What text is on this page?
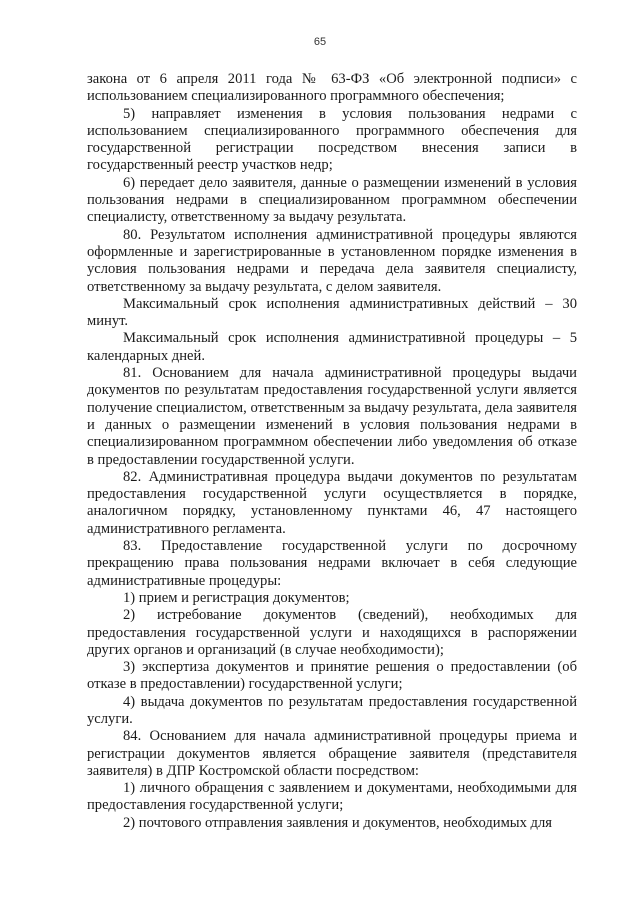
65

закона от 6 апреля 2011 года № 63-ФЗ «Об электронной подписи» с использованием специализированного программного обеспечения;

5) направляет изменения в условия пользования недрами с использованием специализированного программного обеспечения для государственной регистрации посредством внесения записи в государственный реестр участков недр;

6) передает дело заявителя, данные о размещении изменений в условия пользования недрами в специализированном программном обеспечении специалисту, ответственному за выдачу результата.

80. Результатом исполнения административной процедуры являются оформленные и зарегистрированные в установленном порядке изменения в условия пользования недрами и передача дела заявителя специалисту, ответственному за выдачу результата, с делом заявителя.

Максимальный срок исполнения административных действий – 30 минут.

Максимальный срок исполнения административной процедуры – 5 календарных дней.

81. Основанием для начала административной процедуры выдачи документов по результатам предоставления государственной услуги является получение специалистом, ответственным за выдачу результата, дела заявителя и данных о размещении изменений в условия пользования недрами в специализированном программном обеспечении либо уведомления об отказе в предоставлении государственной услуги.

82. Административная процедура выдачи документов по результатам предоставления государственной услуги осуществляется в порядке, аналогичном порядку, установленному пунктами 46, 47 настоящего административного регламента.

83. Предоставление государственной услуги по досрочному прекращению права пользования недрами включает в себя следующие административные процедуры:

1) прием и регистрация документов;

2) истребование документов (сведений), необходимых для предоставления государственной услуги и находящихся в распоряжении других органов и организаций (в случае необходимости);

3) экспертиза документов и принятие решения о предоставлении (об отказе в предоставлении) государственной услуги;

4) выдача документов по результатам предоставления государственной услуги.

84. Основанием для начала административной процедуры приема и регистрации документов является обращение заявителя (представителя заявителя) в ДПР Костромской области посредством:

1) личного обращения с заявлением и документами, необходимыми для предоставления государственной услуги;

2) почтового отправления заявления и документов, необходимых для
